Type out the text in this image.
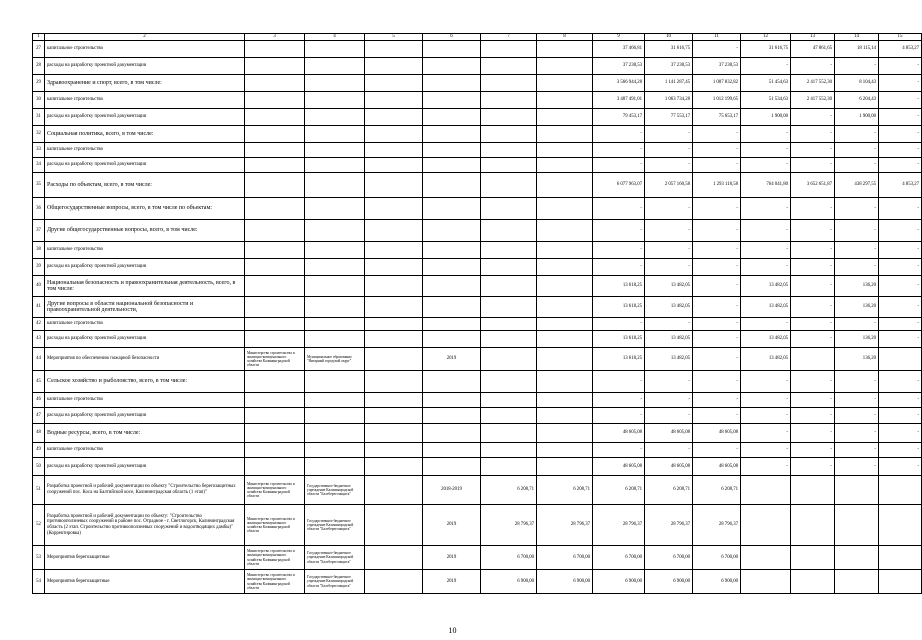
1	2	3	4	5	6	7	8	9	10	11	12	13	14	15
27	капитальное строительство							37 466,81	31 616,75	-	31 616,75	47 861,65	18 115,14	4 853,27
28	расходы на разработку проектной документации							37 238,53	37 238,53	37 238,53	-	-	-	-
29	Здравоохранение и спорт, всего, в том числе:							3 566 944,28	1 141 287,45	1 087 832,82	51 454,63	2 417 552,30	8 104,43	-
30	капитальное строительство							3 487 491,01	1 063 734,28	1 012 199,65	51 534,63	2 417 552,30	6 204,43	-
31	расходы на разработку проектной документации							79 453,17	77 553,17	75 653,17	1 900,00	-	1 900,00	-
32	Социальная политика, всего, в том числе:							-	-	-	-	-	-	-
33	капитальное строительство							-	-	-	-	-	-	-
34	расходы на разработку проектной документации							-	-	-	-	-	-	-
35	Расходы по объектам, всего, в том числе:							6 077 963,07	2 057 160,58	1 293 118,58	764 041,80	3 652 651,87	438 297,55	4 853,27
36	Общегосударственные вопросы, всего, в том числе по объектам:							-	-	-	-	-	-	-
37	Другие общегосударственные вопросы, всего, в том числе:							-	-	-	-	-	-	-
38	капитальное строительство							-	-	-	-	-	-	-
39	расходы на разработку проектной документации							-	-	-	-	-	-	-
40	Национальная безопасность и правоохранительная деятельность, всего, в том числе:							13 618,25	13 482,05	-	13 482,05	-	136,20	-
41	Другие вопросы в области национальной безопасности и правоохранительной деятельности,							13 618,25	13 482,05	-	13 482,05	-	136,20	-
42	капитальное строительство							-	-	-	-	-	-	-
43	расходы на разработку проектной документации							13 618,25	13 482,05	-	13 482,05	-	136,20	-
44	Мероприятия по обеспечению пожарной безопасности	Министерство строительства и жилищно-коммунального хозяйства Калининградской области	Муниципальное образование "Янтарный городской округ"		2019			13 618,25	13 482,05	-	13 482,05		136,20	
45	Сельское хозяйство и рыболовство, всего, в том числе:							-	-	-	-	-	-	-
46	капитальное строительство							-	-	-	-	-	-	-
47	расходы на разработку проектной документации							-	-	-	-	-	-	-
48	Водные ресурсы, всего, в том числе:							48 605,08	48 605,08	48 605,08	-	-	-	-
49	капитальное строительство							-	-	-	-	-	-	-
50	расходы на разработку проектной документации							48 605,08	48 605,08	48 605,08	-	-	-	-
51	Разработка проектной и рабочей документации по объекту "Строительство берегозащитных сооружений пос. Коса на Балтийской косе, Калининградская область (1 этап)"	Министерство строительства и жилищно-коммунального хозяйства Калининградской области	Государственное бюджетное учреждение Калининградской области "Балтберегозащита"		2018-2019	6 208,71	6 208,71	6 208,71	6 208,71	6 208,71				
52	Разработка проектной и рабочей документации по объекту: "Строительство противооползневых сооружений в районе пос. Отрадное - г. Светлогорск, Калининградская область (2 этап. Строительство противооползневых сооружений и водоотводящих дамбы)" (Корректировка)	Министерство строительства и жилищно-коммунального хозяйства Калининградской области	Государственное бюджетное учреждение Калининградской области "Балтберегозащита"		2019	28 796,37	28 796,37	28 796,37	28 796,37	28 796,37				
53	Мероприятия берегозащитные	Министерство строительства и жилищно-коммунального хозяйства Калининградской области	Государственное бюджетное учреждение Калининградской области "Балтберегозащита"		2019	6 700,00	6 700,00	6 700,00	6 700,00	6 700,00				
54	Мероприятия берегозащитные	Министерство строительства и жилищно-коммунального хозяйства Калининградской области	Государственное бюджетное учреждение Калининградской области "Балтберегозащита"		2019	6 900,00	6 900,00	6 900,00	6 900,00	6 900,00				
10
